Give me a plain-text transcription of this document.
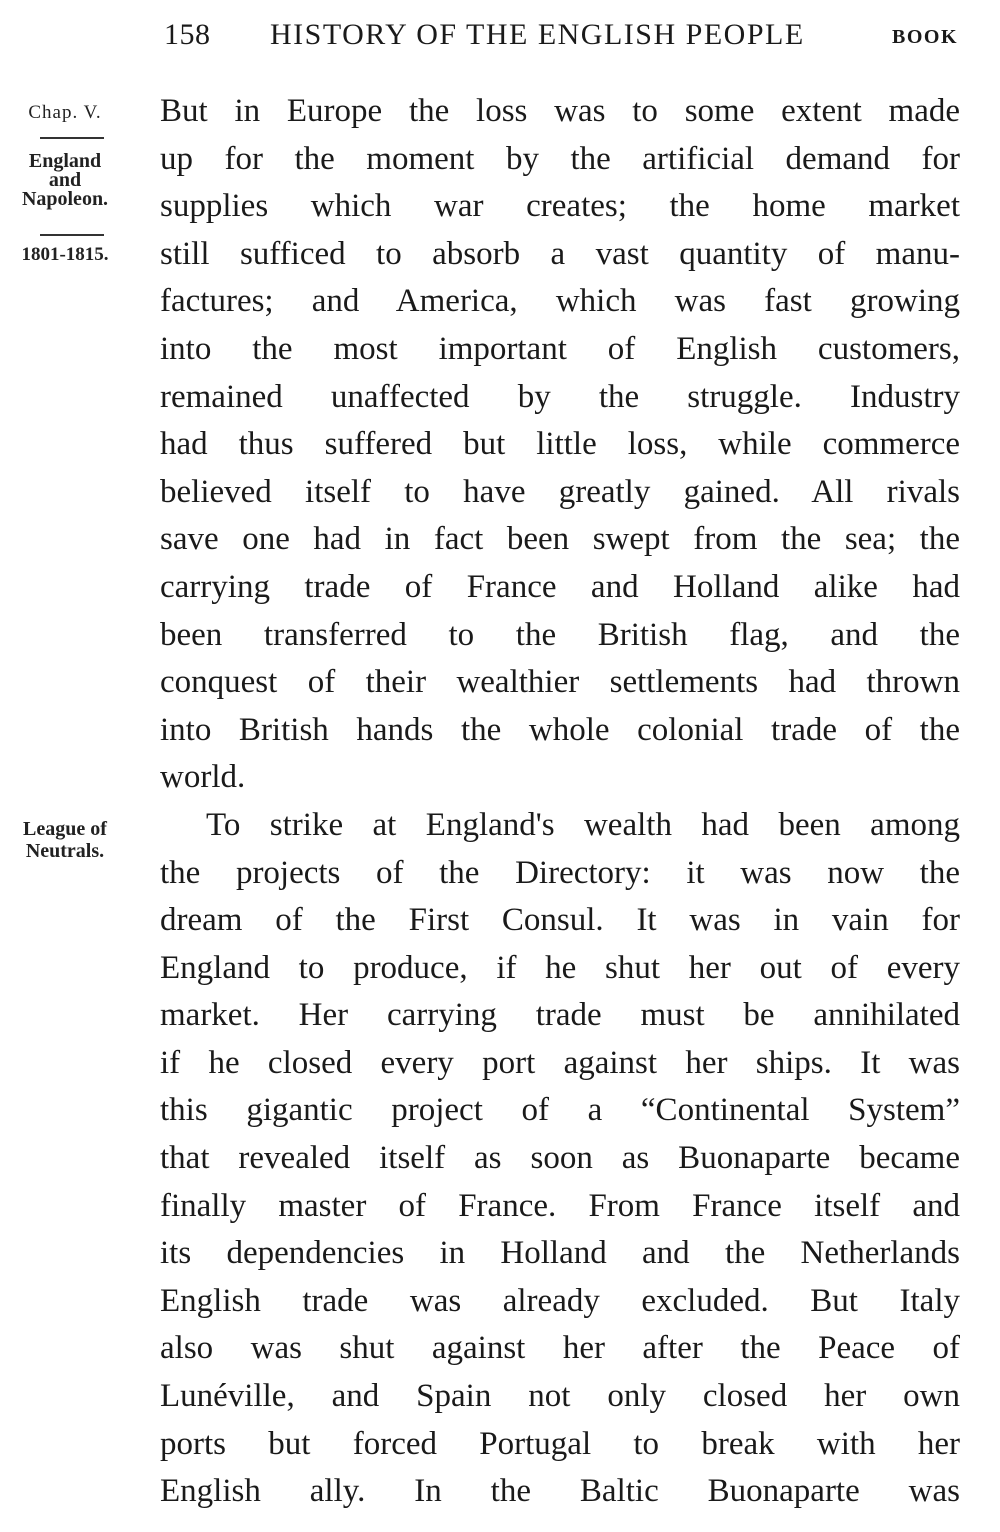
158 HISTORY OF THE ENGLISH PEOPLE	BOOK
Chap. V.
England
and
Napoleon.
1801-1815.
League of
Neutrals.

But in Europe the loss was to some extent made
up for the moment by the artificial demand for
supplies which war creates; the home market
still sufficed to absorb a vast quantity of manu-
factures; and America, which was fast growing
into the most important of English customers,
remained unaffected by the struggle. Industry
had thus suffered but little loss, while commerce
believed itself to have greatly gained. All rivals
save one had in fact been swept from the sea; the
carrying trade of France and Holland alike had
been transferred to the British flag, and the
conquest of their wealthier settlements had thrown
into British hands the whole colonial trade of the
world.

To strike at England's wealth had been among
the projects of the Directory: it was now the
dream of the First Consul. It was in vain for
England to produce, if he shut her out of every
market. Her carrying trade must be annihilated
if he closed every port against her ships. It was
this gigantic project of a “Continental System”
that revealed itself as soon as Buonaparte became
finally master of France. From France itself and
its dependencies in Holland and the Netherlands
English trade was already excluded. But Italy
also was shut against her after the Peace of
Lunéville, and Spain not only closed her own
ports but forced Portugal to break with her
English ally. In the Baltic Buonaparte was
